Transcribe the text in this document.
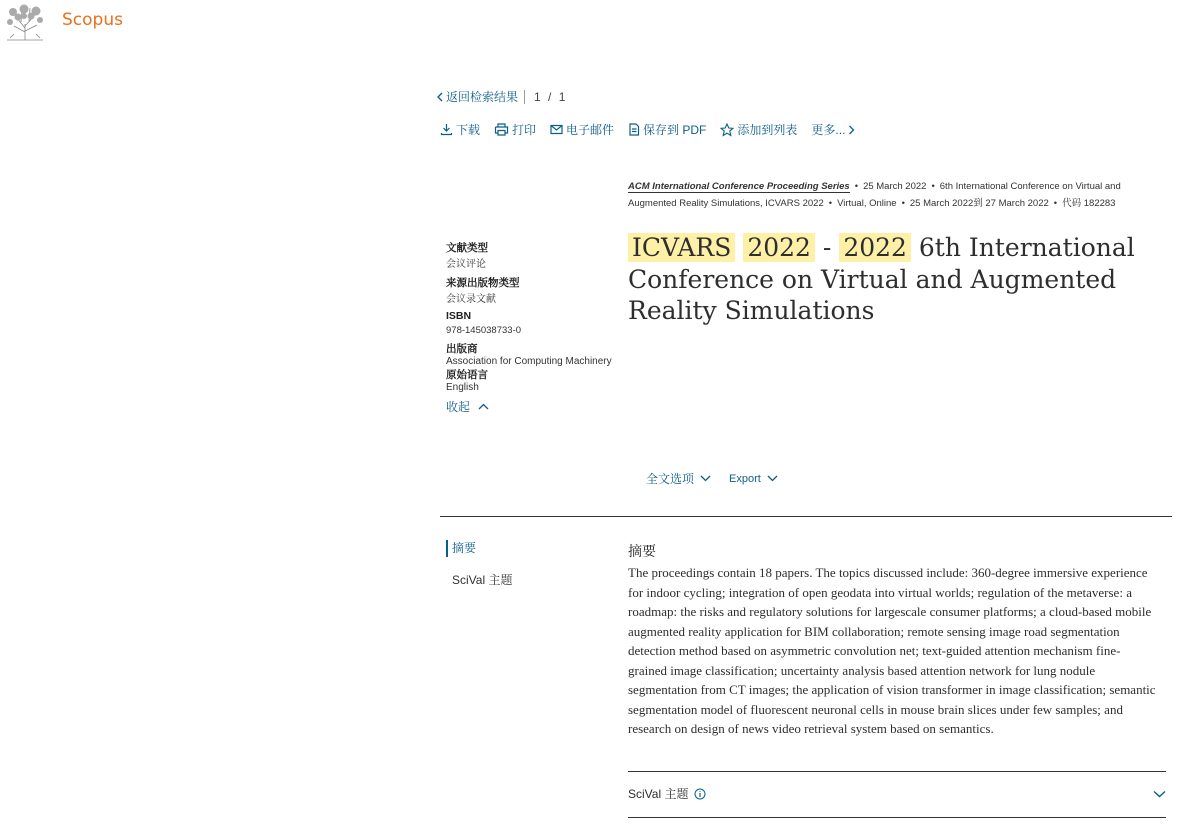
Scopus
返回检索结果 1 / 1
下载	打印	电子邮件 保存到 PDF	添加到列表 更多...
ACM International Conference Proceeding Series • 25 March 2022 • 6th International Conference on Virtual and Augmented Reality Simulations, ICVARS 2022 • Virtual, Online • 25 March 2022到 27 March 2022 • 代码 182283
文献类型
会议评论
来源出版物类型
会议录文献
ISBN
978-145038733-0
出版商
Association for Computing Machinery
原始语言
English
收起
ICVARS 2022 - 2022 6th International Conference on Virtual and Augmented Reality Simulations
全文选项	Export
摘要
SciVal 主题
摘要
The proceedings contain 18 papers. The topics discussed include: 360-degree immersive experience for indoor cycling; integration of open geodata into virtual worlds; regulation of the metaverse: a roadmap: the risks and regulatory solutions for largescale consumer platforms; a cloud-based mobile augmented reality application for BIM collaboration; remote sensing image road segmentation detection method based on asymmetric convolution net; text-guided attention mechanism fine-grained image classification; uncertainty analysis based attention network for lung nodule segmentation from CT images; the application of vision transformer in image classification; semantic segmentation model of fluorescent neuronal cells in mouse brain slices under few samples; and research on design of news video retrieval system based on semantics.
SciVal 主题
